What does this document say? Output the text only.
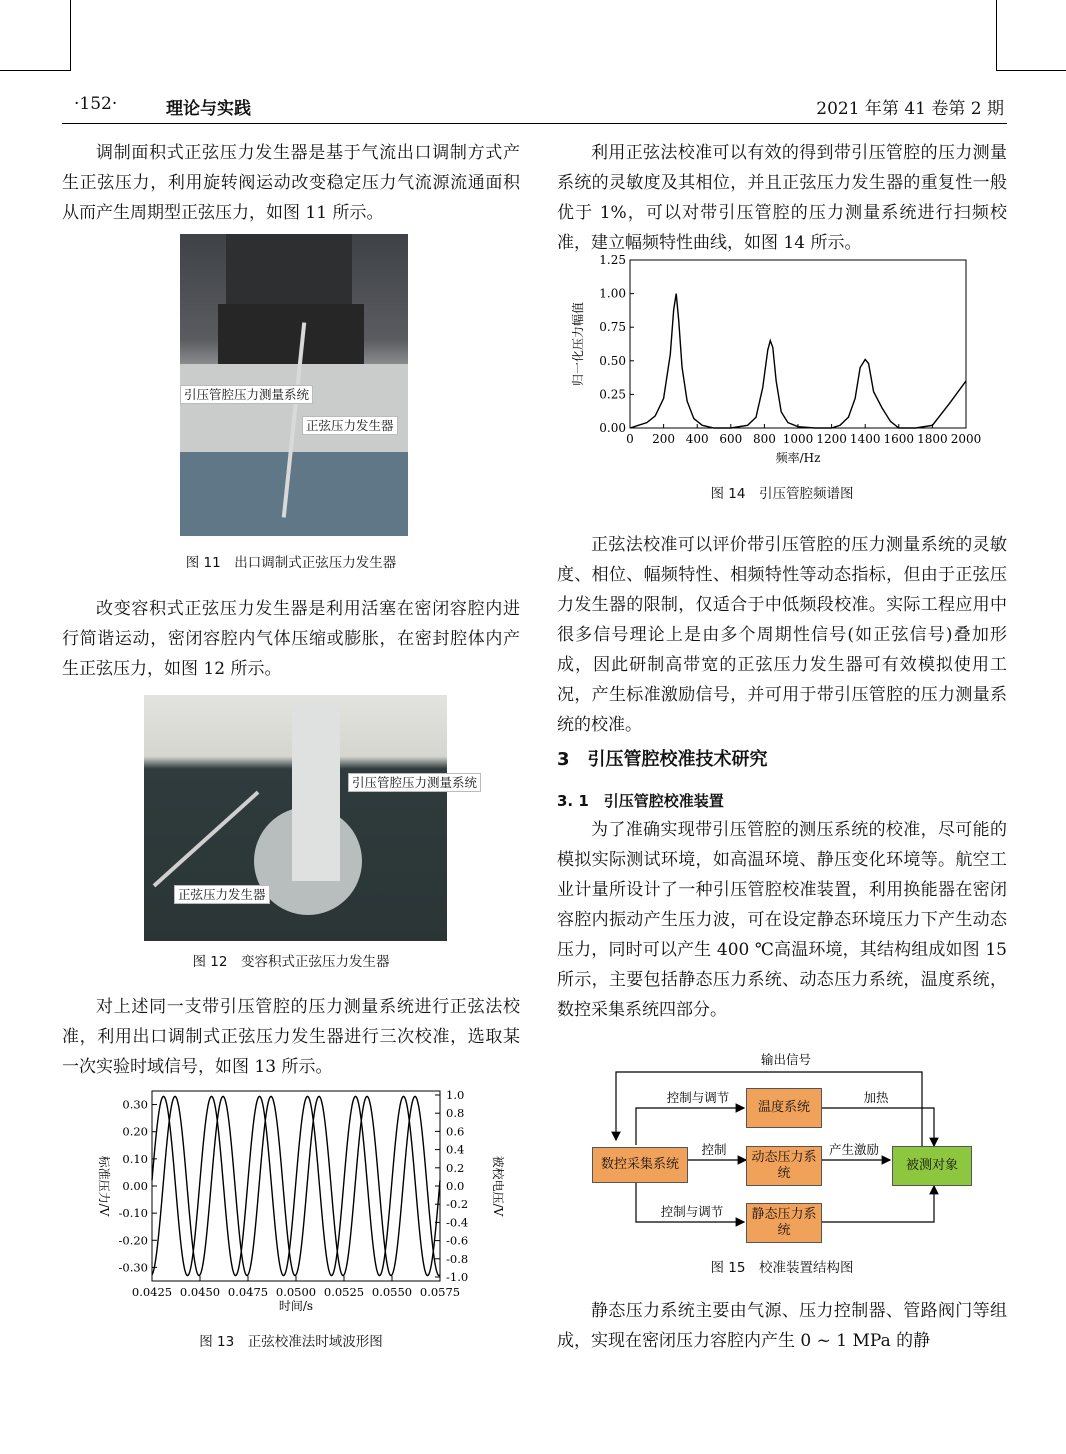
·152·	理论与实践	2021 年第 41 卷第 2 期

调制面积式正弦压力发生器是基于气流出口调制方式产生正弦压力，利用旋转阀运动改变稳定压力气流源流通面积从而产生周期型正弦压力，如图 11 所示。

引压管腔压力测量系统
正弦压力发生器
图 11　出口调制式正弦压力发生器

改变容积式正弦压力发生器是利用活塞在密闭容腔内进行简谐运动，密闭容腔内气体压缩或膨胀，在密封腔体内产生正弦压力，如图 12 所示。

引压管腔压力测量系统
正弦压力发生器
图 12　变容积式正弦压力发生器

对上述同一支带引压管腔的压力测量系统进行正弦法校准，利用出口调制式正弦压力发生器进行三次校准，选取某一次实验时域信号，如图 13 所示。

0.0425 0.0450 0.0475 0.0500 0.0525 0.0550 0.0575
0.30
0.20
0.10
0.00
-0.10
-0.20
-0.30
1.0
0.8
0.6
0.4
0.2
0.0
-0.2
-0.4
-0.6
-0.8
-1.0
时间/s
标准压力/V	被校电压/V
图 13　正弦校准法时域波形图

利用正弦法校准可以有效的得到带引压管腔的压力测量系统的灵敏度及其相位，并且正弦压力发生器的重复性一般优于 1%，可以对带引压管腔的压力测量系统进行扫频校准，建立幅频特性曲线，如图 14 所示。

0 200 400 600 800 1000 1200 1400 1600 1800 2000
0.00
0.25
0.50
0.75
1.00
1.25
频率/Hz
归一化压力幅值
图 14　引压管腔频谱图

正弦法校准可以评价带引压管腔的压力测量系统的灵敏度、相位、幅频特性、相频特性等动态指标，但由于正弦压力发生器的限制，仅适合于中低频段校准。实际工程应用中很多信号理论上是由多个周期性信号(如正弦信号)叠加形成，因此研制高带宽的正弦压力发生器可有效模拟使用工况，产生标准激励信号，并可用于带引压管腔的压力测量系统的校准。

3　引压管腔校准技术研究
3. 1　引压管腔校准装置

为了准确实现带引压管腔的测压系统的校准，尽可能的模拟实际测试环境，如高温环境、静压变化环境等。航空工业计量所设计了一种引压管腔校准装置，利用换能器在密闭容腔内振动产生压力波，可在设定静态环境压力下产生动态压力，同时可以产生 400 ℃高温环境，其结构组成如图 15 所示，主要包括静态压力系统、动态压力系统，温度系统，数控采集系统四部分。

输出信号
控制与调节	加热
控制	产生激励
控制与调节
数控采集系统
温度系统
动态压力系统
静态压力系统
被测对象
图 15　校准装置结构图

静态压力系统主要由气源、压力控制器、管路阀门等组成，实现在密闭压力容腔内产生 0 ~ 1 MPa 的静
